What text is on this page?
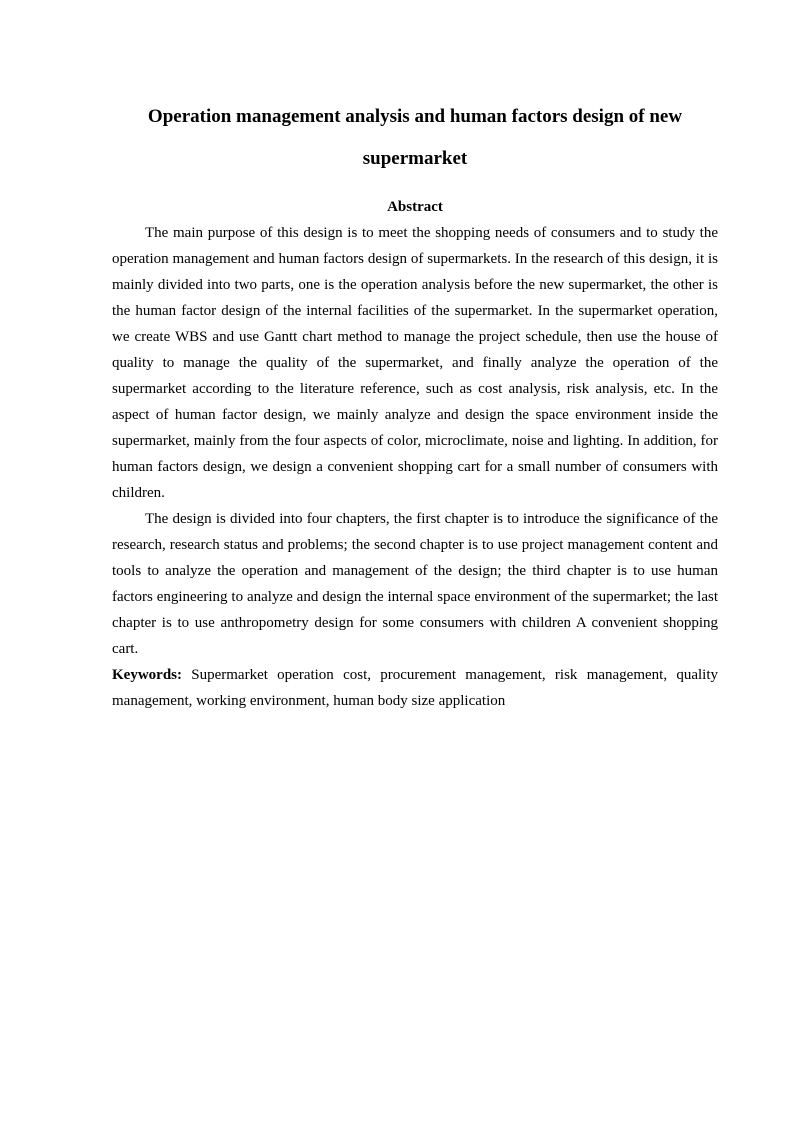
Operation management analysis and human factors design of new supermarket
Abstract

The main purpose of this design is to meet the shopping needs of consumers and to study the operation management and human factors design of supermarkets. In the research of this design, it is mainly divided into two parts, one is the operation analysis before the new supermarket, the other is the human factor design of the internal facilities of the supermarket. In the supermarket operation, we create WBS and use Gantt chart method to manage the project schedule, then use the house of quality to manage the quality of the supermarket, and finally analyze the operation of the supermarket according to the literature reference, such as cost analysis, risk analysis, etc. In the aspect of human factor design, we mainly analyze and design the space environment inside the supermarket, mainly from the four aspects of color, microclimate, noise and lighting. In addition, for human factors design, we design a convenient shopping cart for a small number of consumers with children.

The design is divided into four chapters, the first chapter is to introduce the significance of the research, research status and problems; the second chapter is to use project management content and tools to analyze the operation and management of the design; the third chapter is to use human factors engineering to analyze and design the internal space environment of the supermarket; the last chapter is to use anthropometry design for some consumers with children A convenient shopping cart.

Keywords: Supermarket operation cost, procurement management, risk management, quality management, working environment, human body size application
